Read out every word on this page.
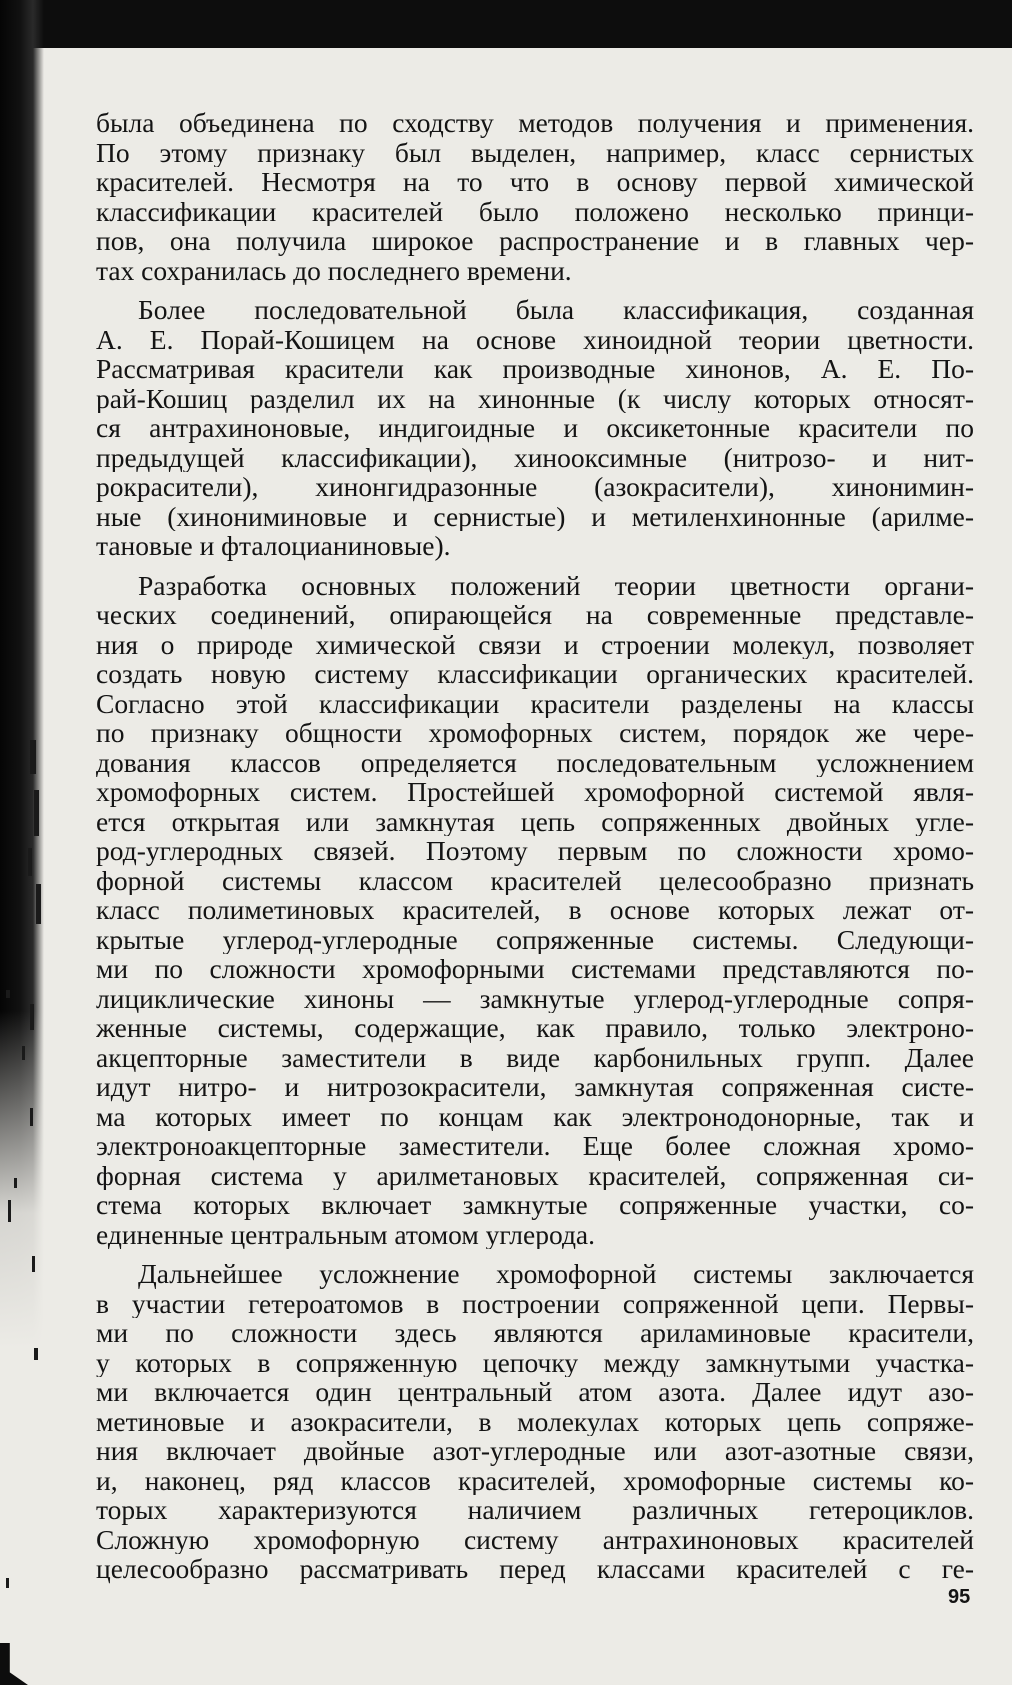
была объединена по сходству методов получения и применения.
По этому признаку был выделен, например, класс сернистых
красителей. Несмотря на то что в основу первой химической
классификации красителей было положено несколько принци-
пов, она получила широкое распространение и в главных чер-
тах сохранилась до последнего времени.
Более последовательной была классификация, созданная
А. Е. Порай-Кошицем на основе хиноидной теории цветности.
Рассматривая красители как производные хинонов, А. Е. По-
рай-Кошиц разделил их на хинонные (к числу которых относят-
ся антрахиноновые, индигоидные и оксикетонные красители по
предыдущей классификации), хинооксимные (нитрозо- и нит-
рокрасители), хинонгидразонные (азокрасители), хинонимин-
ные (хинониминовые и сернистые) и метиленхинонные (арилме-
тановые и фталоцианиновые).
Разработка основных положений теории цветности органи-
ческих соединений, опирающейся на современные представле-
ния о природе химической связи и строении молекул, позволяет
создать новую систему классификации органических красителей.
Согласно этой классификации красители разделены на классы
по признаку общности хромофорных систем, порядок же чере-
дования классов определяется последовательным усложнением
хромофорных систем. Простейшей хромофорной системой явля-
ется открытая или замкнутая цепь сопряженных двойных угле-
род-углеродных связей. Поэтому первым по сложности хромо-
форной системы классом красителей целесообразно признать
класс полиметиновых красителей, в основе которых лежат от-
крытые углерод-углеродные сопряженные системы. Следующи-
ми по сложности хромофорными системами представляются по-
лициклические хиноны — замкнутые углерод-углеродные сопря-
женные системы, содержащие, как правило, только электроно-
акцепторные заместители в виде карбонильных групп. Далее
идут нитро- и нитрозокрасители, замкнутая сопряженная систе-
ма которых имеет по концам как электронодонорные, так и
электроноакцепторные заместители. Еще более сложная хромо-
форная система у арилметановых красителей, сопряженная си-
стема которых включает замкнутые сопряженные участки, со-
единенные центральным атомом углерода.
Дальнейшее усложнение хромофорной системы заключается
в участии гетероатомов в построении сопряженной цепи. Первы-
ми по сложности здесь являются ариламиновые красители,
у которых в сопряженную цепочку между замкнутыми участка-
ми включается один центральный атом азота. Далее идут азо-
метиновые и азокрасители, в молекулах которых цепь сопряже-
ния включает двойные азот-углеродные или азот-азотные связи,
и, наконец, ряд классов красителей, хромофорные системы ко-
торых характеризуются наличием различных гетероциклов.
Сложную хромофорную систему антрахиноновых красителей
целесообразно рассматривать перед классами красителей с ге-
95
